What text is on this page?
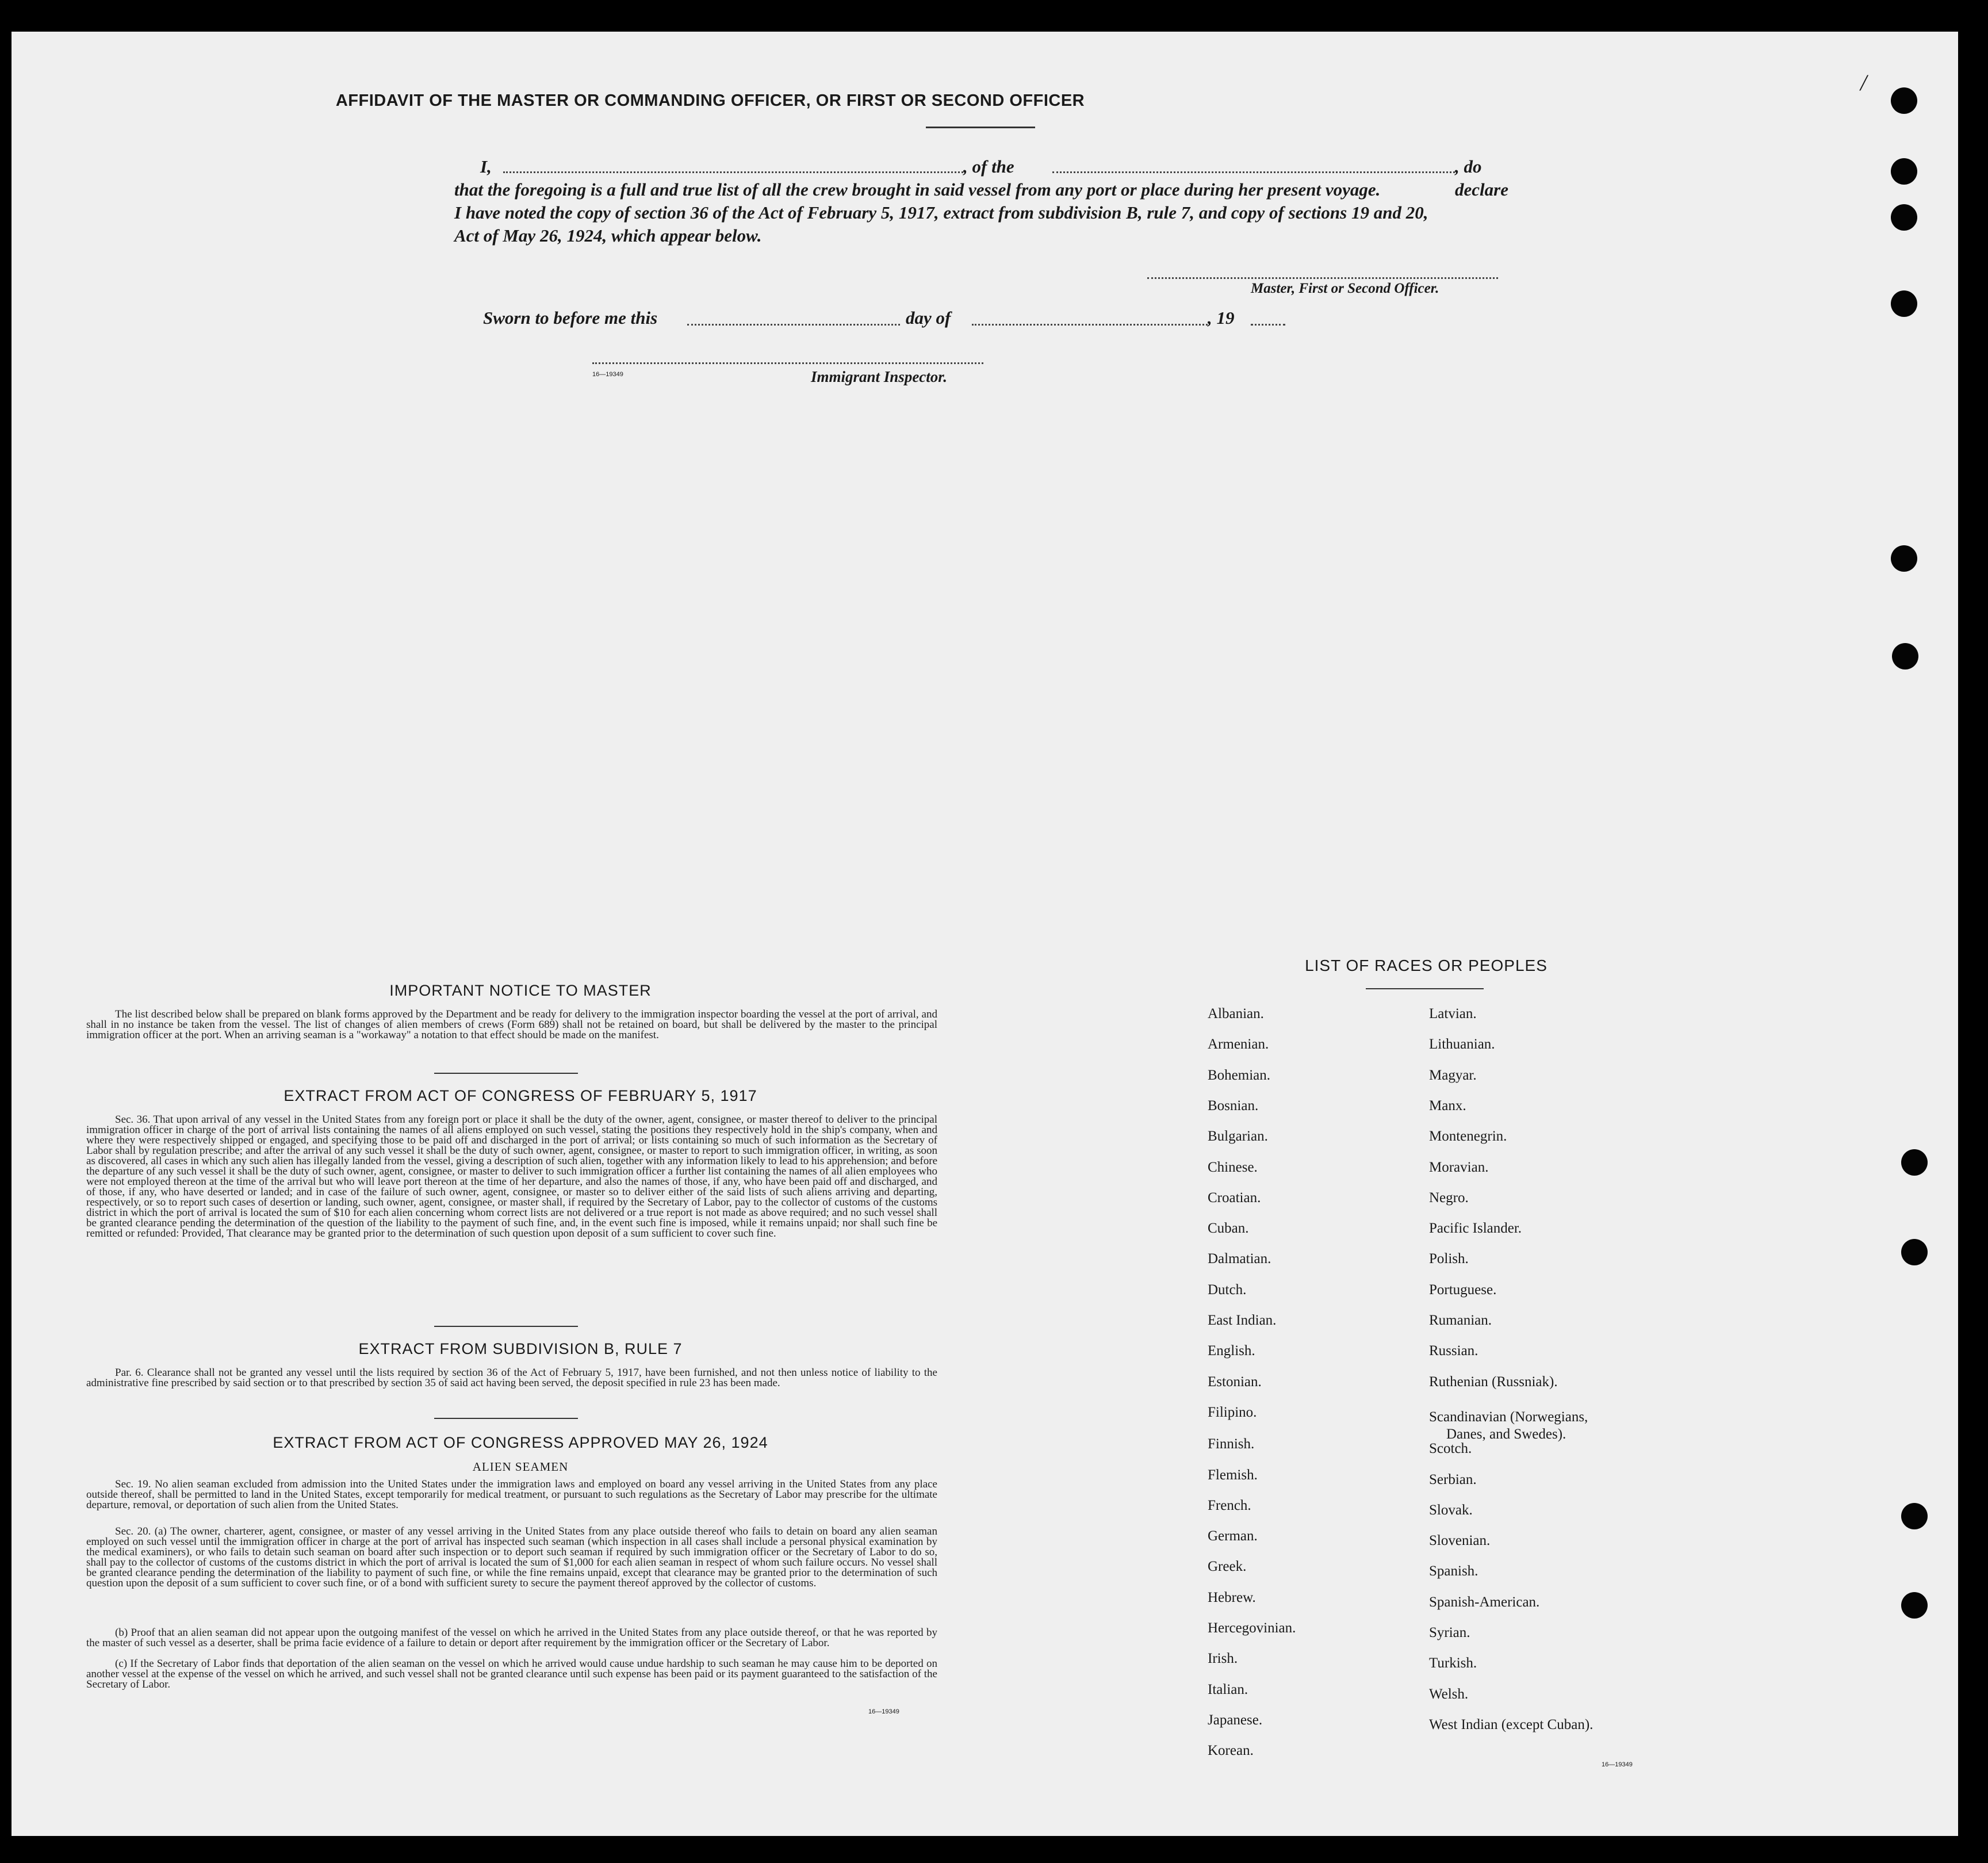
AFFIDAVIT OF THE MASTER OR COMMANDING OFFICER, OR FIRST OR SECOND OFFICER
I,	, of the	, do declare
that the foregoing is a full and true list of all the crew brought in said vessel from any port or place during her present voyage.
I have noted the copy of section 36 of the Act of February 5, 1917, extract from subdivision B, rule 7, and copy of sections 19 and 20,
Act of May 26, 1924, which appear below.
Master, First or Second Officer.
Sworn to before me this	day of	, 19
16—19349	Immigrant Inspector.
/
IMPORTANT NOTICE TO MASTER
The list described below shall be prepared on blank forms approved by the Department and be ready for delivery to the immigration inspector boarding the vessel at the port of arrival, and shall in no instance be taken from the vessel. The list of changes of alien members of crews (Form 689) shall not be retained on board, but shall be delivered by the master to the principal immigration officer at the port. When an arriving seaman is a "workaway" a notation to that effect should be made on the manifest.
EXTRACT FROM ACT OF CONGRESS OF FEBRUARY 5, 1917
Sec. 36. That upon arrival of any vessel in the United States from any foreign port or place it shall be the duty of the owner, agent, consignee, or master thereof to deliver to the principal immigration officer in charge of the port of arrival lists containing the names of all aliens employed on such vessel, stating the positions they respectively hold in the ship's company, when and where they were respectively shipped or engaged, and specifying those to be paid off and discharged in the port of arrival; or lists containing so much of such information as the Secretary of Labor shall by regulation prescribe; and after the arrival of any such vessel it shall be the duty of such owner, agent, consignee, or master to report to such immigration officer, in writing, as soon as discovered, all cases in which any such alien has illegally landed from the vessel, giving a description of such alien, together with any information likely to lead to his apprehension; and before the departure of any such vessel it shall be the duty of such owner, agent, consignee, or master to deliver to such immigration officer a further list containing the names of all alien employees who were not employed thereon at the time of the arrival but who will leave port thereon at the time of her departure, and also the names of those, if any, who have been paid off and discharged, and of those, if any, who have deserted or landed; and in case of the failure of such owner, agent, consignee, or master so to deliver either of the said lists of such aliens arriving and departing, respectively, or so to report such cases of desertion or landing, such owner, agent, consignee, or master shall, if required by the Secretary of Labor, pay to the collector of customs of the customs district in which the port of arrival is located the sum of $10 for each alien concerning whom correct lists are not delivered or a true report is not made as above required; and no such vessel shall be granted clearance pending the determination of the question of the liability to the payment of such fine, and, in the event such fine is imposed, while it remains unpaid; nor shall such fine be remitted or refunded: Provided, That clearance may be granted prior to the determination of such question upon deposit of a sum sufficient to cover such fine.
EXTRACT FROM SUBDIVISION B, RULE 7
Par. 6. Clearance shall not be granted any vessel until the lists required by section 36 of the Act of February 5, 1917, have been furnished, and not then unless notice of liability to the administrative fine prescribed by said section or to that prescribed by section 35 of said act having been served, the deposit specified in rule 23 has been made.
EXTRACT FROM ACT OF CONGRESS APPROVED MAY 26, 1924
ALIEN SEAMEN
Sec. 19. No alien seaman excluded from admission into the United States under the immigration laws and employed on board any vessel arriving in the United States from any place outside thereof, shall be permitted to land in the United States, except temporarily for medical treatment, or pursuant to such regulations as the Secretary of Labor may prescribe for the ultimate departure, removal, or deportation of such alien from the United States.
Sec. 20. (a) The owner, charterer, agent, consignee, or master of any vessel arriving in the United States from any place outside thereof who fails to detain on board any alien seaman employed on such vessel until the immigration officer in charge at the port of arrival has inspected such seaman (which inspection in all cases shall include a personal physical examination by the medical examiners), or who fails to detain such seaman on board after such inspection or to deport such seaman if required by such immigration officer or the Secretary of Labor to do so, shall pay to the collector of customs of the customs district in which the port of arrival is located the sum of $1,000 for each alien seaman in respect of whom such failure occurs. No vessel shall be granted clearance pending the determination of the liability to payment of such fine, or while the fine remains unpaid, except that clearance may be granted prior to the determination of such question upon the deposit of a sum sufficient to cover such fine, or of a bond with sufficient surety to secure the payment thereof approved by the collector of customs.
(b) Proof that an alien seaman did not appear upon the outgoing manifest of the vessel on which he arrived in the United States from any place outside thereof, or that he was reported by the master of such vessel as a deserter, shall be prima facie evidence of a failure to detain or deport after requirement by the immigration officer or the Secretary of Labor.
(c) If the Secretary of Labor finds that deportation of the alien seaman on the vessel on which he arrived would cause undue hardship to such seaman he may cause him to be deported on another vessel at the expense of the vessel on which he arrived, and such vessel shall not be granted clearance until such expense has been paid or its payment guaranteed to the satisfaction of the Secretary of Labor.
16—19349
LIST OF RACES OR PEOPLES
16—19349
Albanian.
Armenian.
Bohemian.
Bosnian.
Bulgarian.
Chinese.
Croatian.
Cuban.
Dalmatian.
Dutch.
East Indian.
English.
Estonian.
Filipino.
Finnish.
Flemish.
French.
German.
Greek.
Hebrew.
Hercegovinian.
Irish.
Italian.
Japanese.
Korean.
Latvian.
Lithuanian.
Magyar.
Manx.
Montenegrin.
Moravian.
Negro.
Pacific Islander.
Polish.
Portuguese.
Rumanian.
Russian.
Ruthenian (Russniak).
Scandinavian (Norwegians,
Danes, and Swedes).
Scotch.
Serbian.
Slovak.
Slovenian.
Spanish.
Spanish-American.
Syrian.
Turkish.
Welsh.
West Indian (except Cuban).
